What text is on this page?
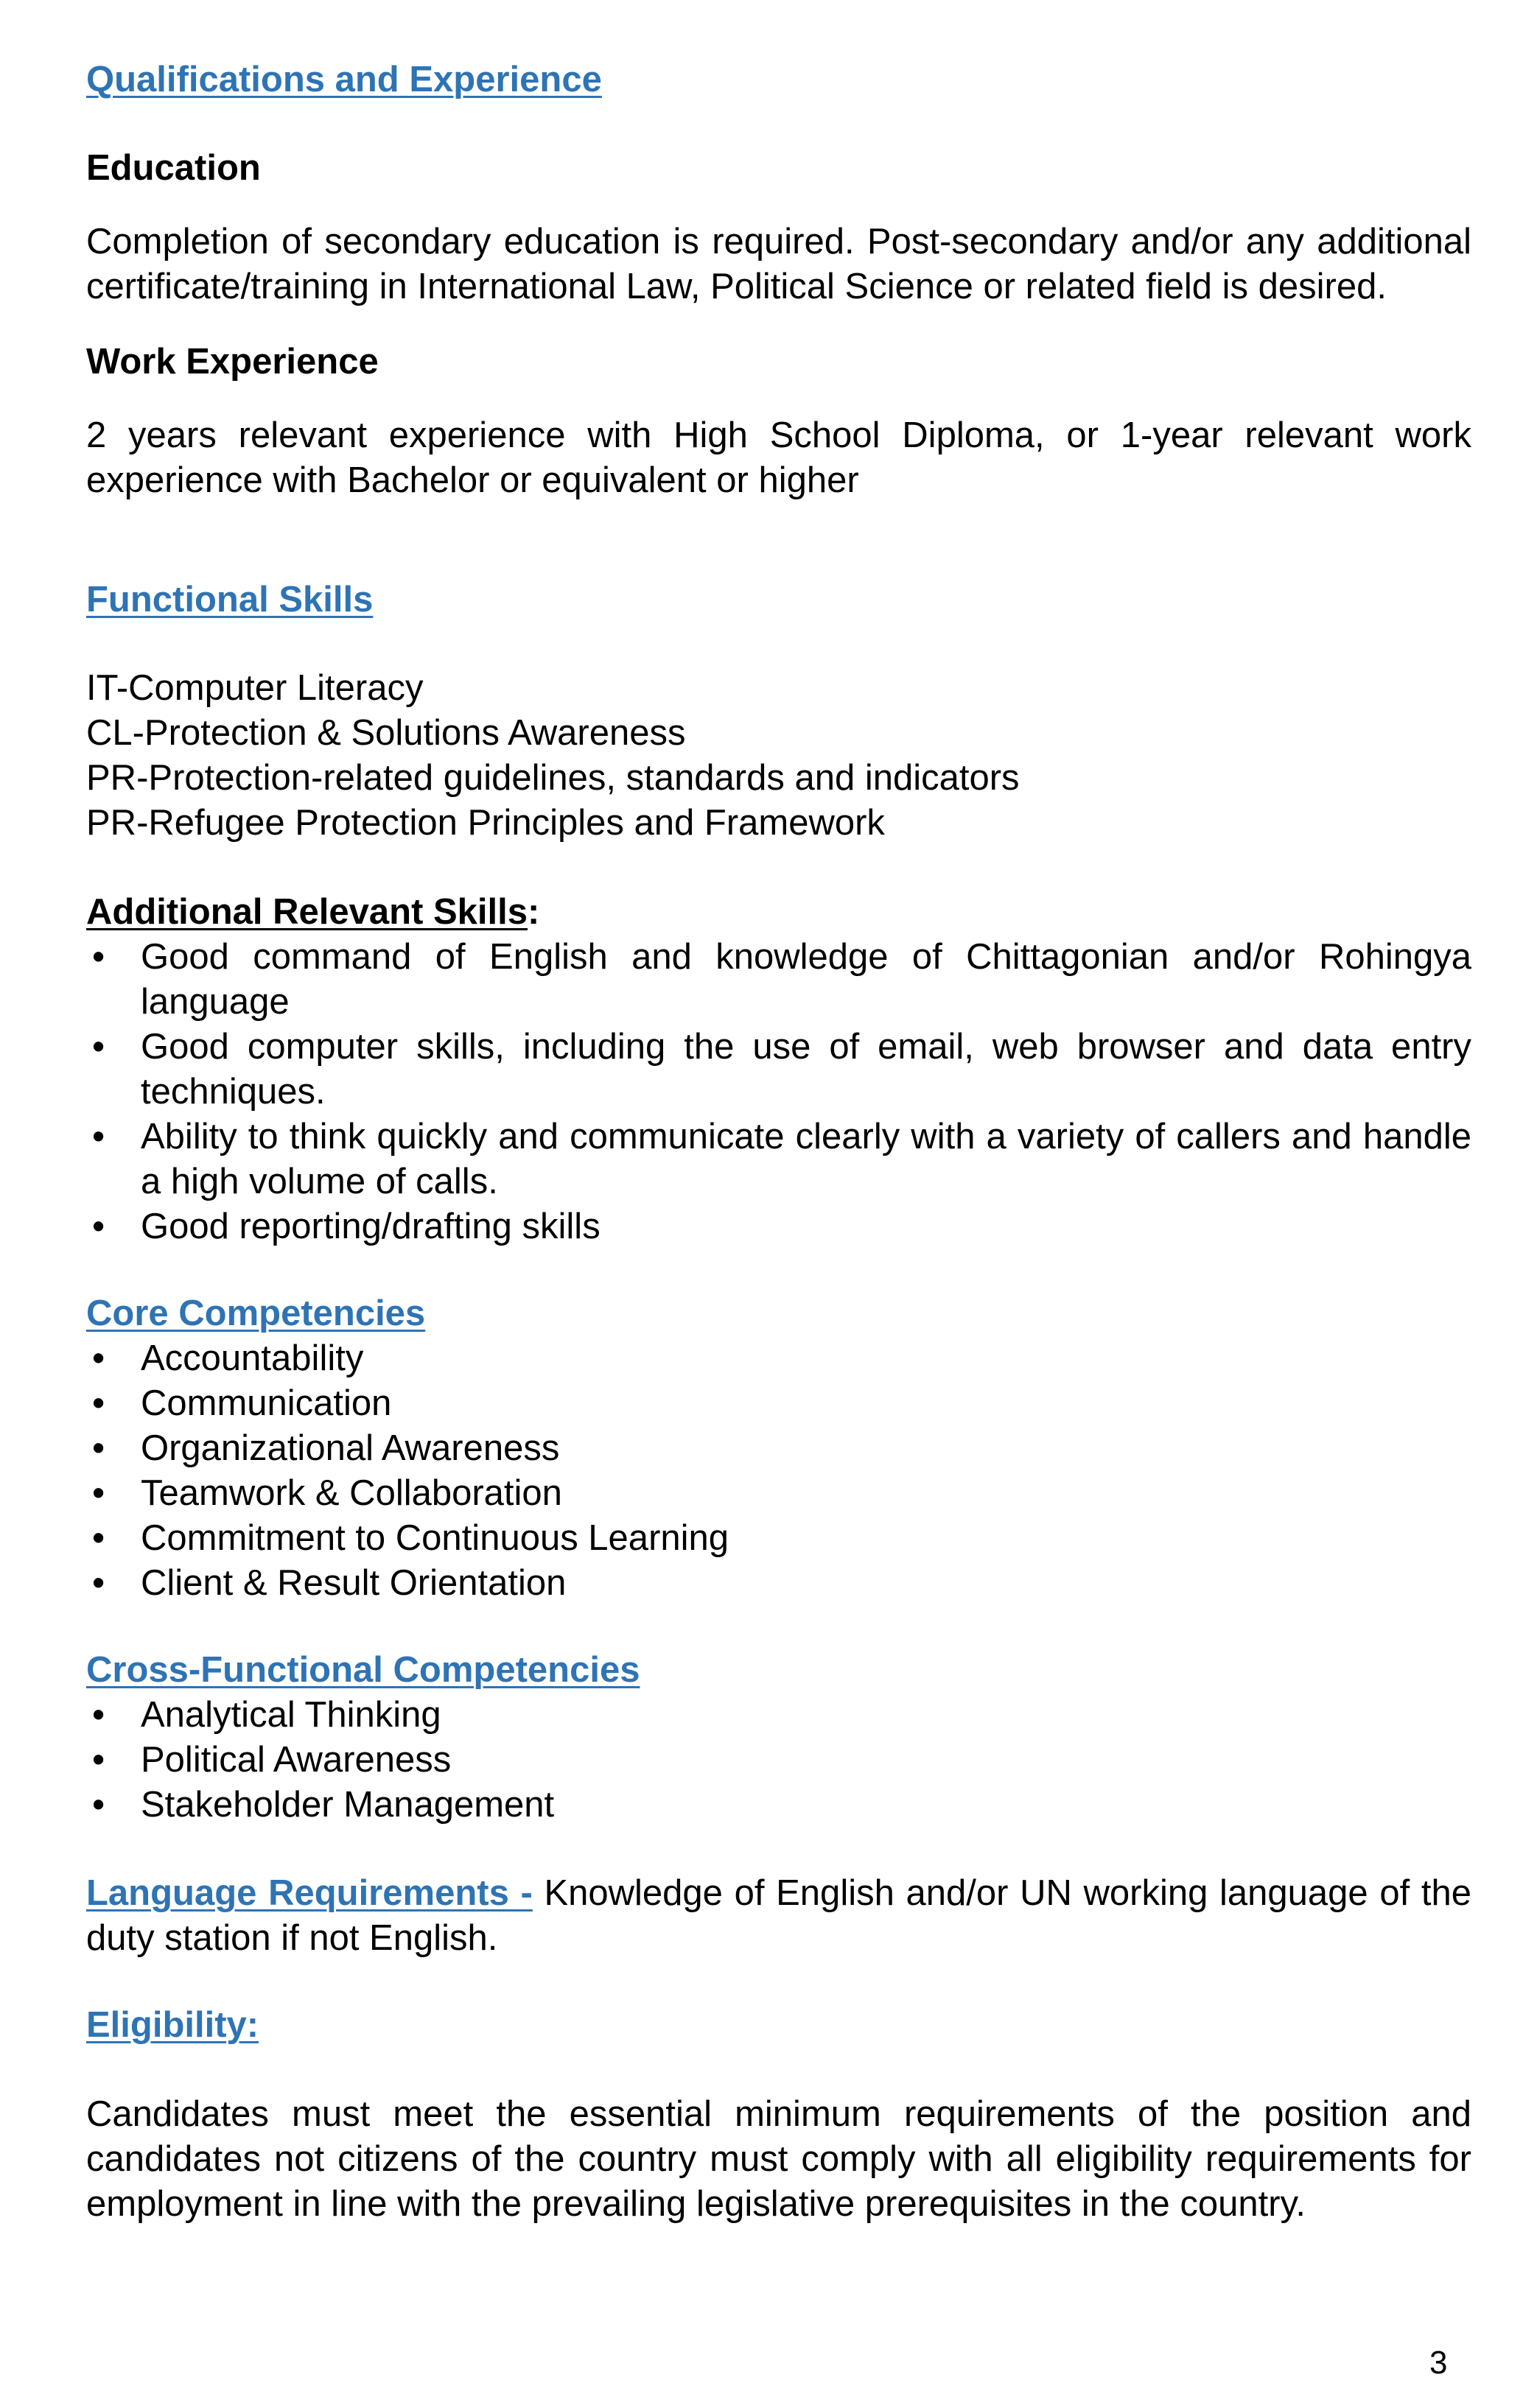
Qualifications and Experience
Education

Completion of secondary education is required. Post-secondary and/or any additional certificate/training in International Law, Political Science or related field is desired.

Work Experience

2 years relevant experience with High School Diploma, or 1-year relevant work experience with Bachelor or equivalent or higher

Functional Skills

IT-Computer Literacy

CL-Protection & Solutions Awareness

PR-Protection-related guidelines, standards and indicators

PR-Refugee Protection Principles and Framework

Additional Relevant Skills:
• Good command of English and knowledge of Chittagonian and/or Rohingya language
• Good computer skills, including the use of email, web browser and data entry techniques.
• Ability to think quickly and communicate clearly with a variety of callers and handle a high volume of calls.
• Good reporting/drafting skills
Core Competencies
• Accountability
• Communication
• Organizational Awareness
• Teamwork & Collaboration
• Commitment to Continuous Learning
• Client & Result Orientation
Cross-Functional Competencies
• Analytical Thinking
• Political Awareness
• Stakeholder Management

Language Requirements - Knowledge of English and/or UN working language of the duty station if not English.

Eligibility:

Candidates must meet the essential minimum requirements of the position and candidates not citizens of the country must comply with all eligibility requirements for employment in line with the prevailing legislative prerequisites in the country.

3
